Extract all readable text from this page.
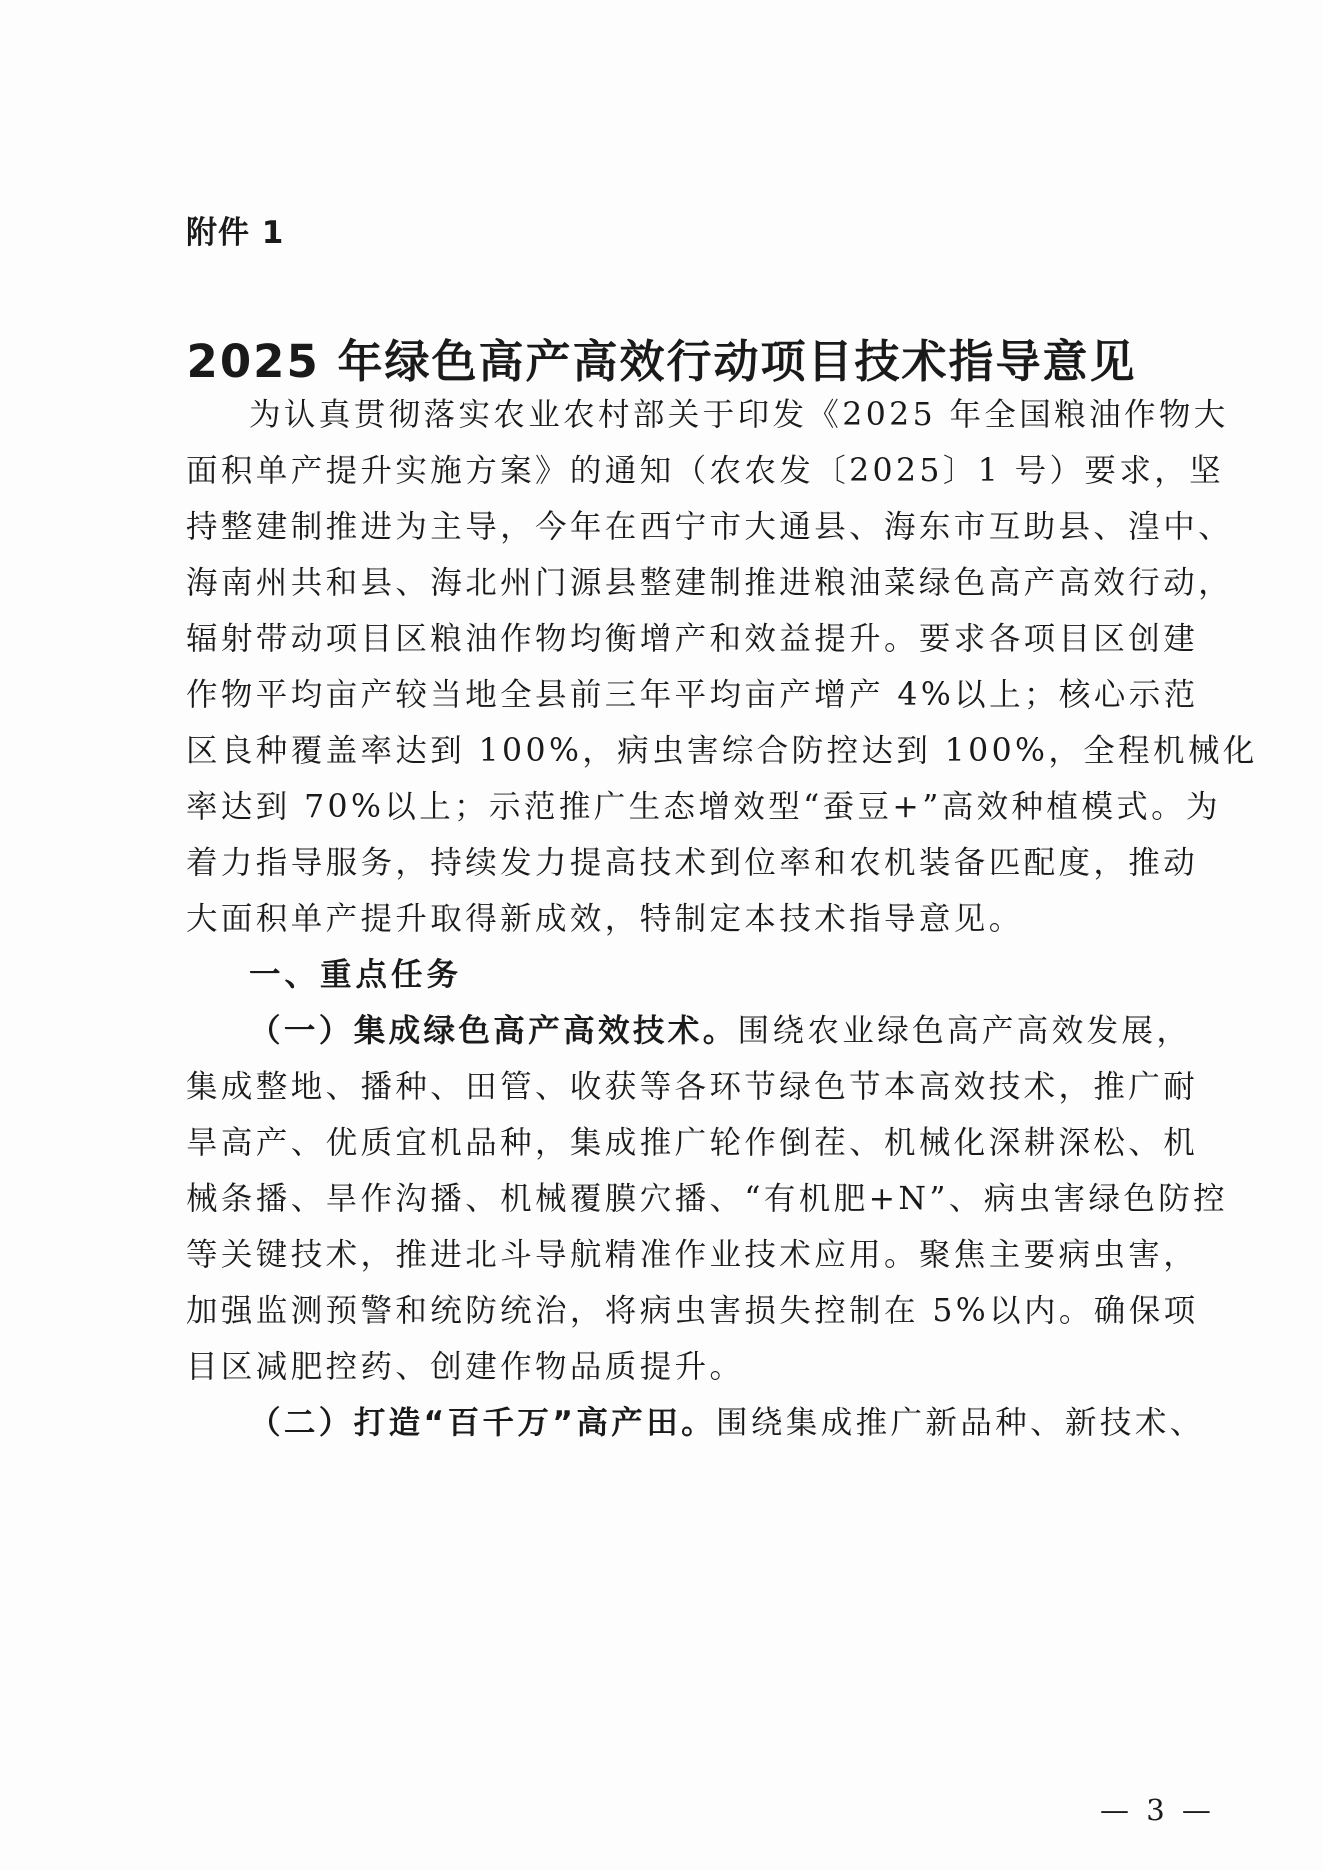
附件 1
2025 年绿色高产高效行动项目技术指导意见
为认真贯彻落实农业农村部关于印发《2025 年全国粮油作物大
面积单产提升实施方案》的通知（农农发〔2025〕1 号）要求，坚
持整建制推进为主导，今年在西宁市大通县、海东市互助县、湟中、
海南州共和县、海北州门源县整建制推进粮油菜绿色高产高效行动，
辐射带动项目区粮油作物均衡增产和效益提升。要求各项目区创建
作物平均亩产较当地全县前三年平均亩产增产 4%以上；核心示范
区良种覆盖率达到 100%，病虫害综合防控达到 100%，全程机械化
率达到 70%以上；示范推广生态增效型“蚕豆+”高效种植模式。为
着力指导服务，持续发力提高技术到位率和农机装备匹配度，推动
大面积单产提升取得新成效，特制定本技术指导意见。
一、重点任务
（一）集成绿色高产高效技术。围绕农业绿色高产高效发展，
集成整地、播种、田管、收获等各环节绿色节本高效技术，推广耐
旱高产、优质宜机品种，集成推广轮作倒茬、机械化深耕深松、机
械条播、旱作沟播、机械覆膜穴播、“有机肥+N”、病虫害绿色防控
等关键技术，推进北斗导航精准作业技术应用。聚焦主要病虫害，
加强监测预警和统防统治，将病虫害损失控制在 5%以内。确保项
目区减肥控药、创建作物品质提升。
（二）打造“百千万”高产田。围绕集成推广新品种、新技术、
— 3 —
